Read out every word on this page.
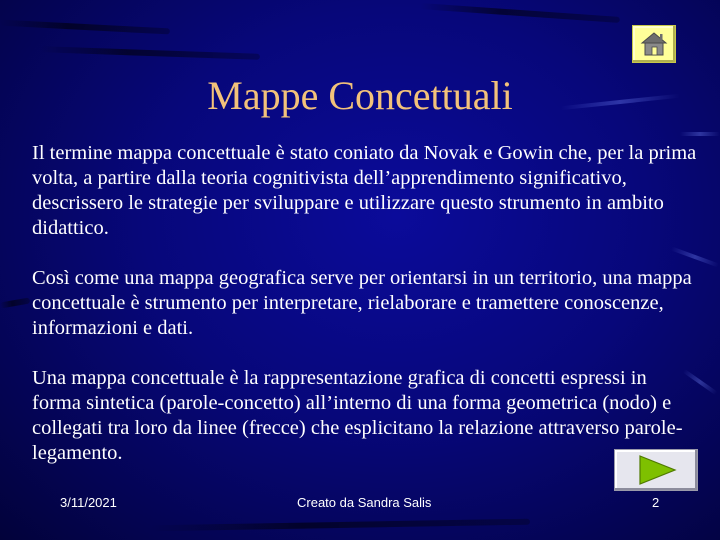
Mappe Concettuali

Il termine mappa concettuale è stato coniato da Novak e Gowin che, per la prima volta, a partire dalla teoria cognitivista dell’apprendimento significativo, descrissero le strategie per sviluppare e utilizzare questo strumento in ambito didattico.

Così come una mappa geografica serve per orientarsi in un territorio, una mappa concettuale è strumento per interpretare, rielaborare e tramettere conoscenze, informazioni e dati.

Una mappa concettuale è la rappresentazione grafica di concetti espressi in forma sintetica (parole-concetto) all’interno di una forma geometrica (nodo) e collegati tra loro da linee (frecce) che esplicitano la relazione attraverso parole-legamento.

3/11/2021	Creato da Sandra Salis	2
